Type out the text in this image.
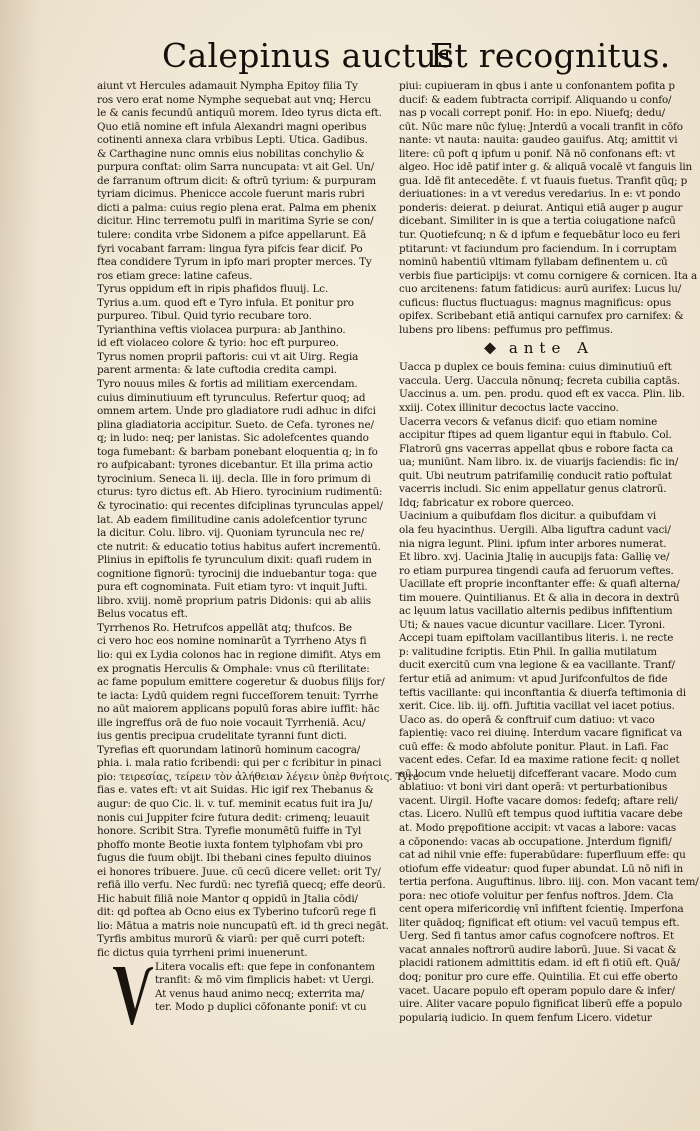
Calepinus auctus
Et recognitus.
aiunt vt Hercules adamauit Nympha Epitoy filia Ty
ros vero erat nome Nymphe sequebat aut vnq; Hercu
le & canis fecundū antiquū morem. Ideo tyrus dicta eft.
Quo etiā nomine eft infula Alexandri magni operibus
cotinenti annexa clara vrbibus Lepti. Utica. Gadibus.
& Carthagine nunc omnis eius nobilitas conchylio &
purpura conftat: olim Sarra nuncupata: vt ait Gel. Un/
de farranum oftrum dicit: & oftrū tyrium: & purpuram
tyriam dicimus. Phenicce accole fuerunt maris rubri
dicti a palma: cuius regio plena erat. Palma em phenix
dicitur. Hinc terremotu pulfi in maritima Syrie se con/
tulere: condita vrbe Sidonem a pifce appellarunt. Eā
fyri vocabant farram: lingua fyra pifcis fear dicif. Po
ftea condidere Tyrum in ipfo mari propter merces. Ty
ros etiam grece: latine cafeus.
Tyrus oppidum eft in ripis phafidos fluuij. Lc.
Tyrius a.um. quod eft e Tyro infula. Et ponitur pro
purpureo. Tibul. Quid tyrio recubare toro.
Tyrianthina veftis violacea purpura: ab Janthino.
id eft violaceo colore & tyrio: hoc eft purpureo.
Tyrus nomen proprii paftoris: cui vt ait Uirg. Regia
parent armenta: & late cuftodia credita campi.
Tyro nouus miles & fortis ad militiam exercendam.
cuius diminutiuum eft tyrunculus. Refertur quoq; ad
omnem artem. Unde pro gladiatore rudi adhuc in difci
plina gladiatoria accipitur. Sueto. de Cefa. tyrones ne/
q; in ludo: neq; per lanistas. Sic adolefcentes quando
toga fumebant: & barbam ponebant eloquentia q; in fo
ro aufpicabant: tyrones dicebantur. Et illa prima actio
tyrocinium. Seneca li. iij. decla. Ille in foro primum di
cturus: tyro dictus eft. Ab Hiero. tyrocinium rudimentū:
& tyrocinatio: qui recentes difciplinas tyrunculas appel/
lat. Ab eadem fimilitudine canis adolefcentior tyrunc
la dicitur. Colu. libro. vij. Quoniam tyruncula nec re/
cte nutrit: & educatio totius habitus aufert incrementū.
Plinius in epiftolis fe tyrunculum dixit: quafi rudem in
cognitione fignorū: tyrocinij die induebantur toga: que
pura eft cognominata. Fuit etiam tyro: vt inquit Jufti.
libro. xviij. nomē proprium patris Didonis: qui ab aliis
Belus vocatus eft.
Tyrrhenos Ro. Hetrufcos appellāt atq; thufcos. Be
ci vero hoc eos nomine nominarūt a Tyrrheno Atys fi
lio: qui ex Lydia colonos hac in regione dimifit. Atys em
ex prognatis Herculis & Omphale: vnus cū fterilitate:
ac fame populum emittere cogeretur & duobus filijs for/
te iacta: Lydū quidem regni fucceſſorem tenuit: Tyrrhe
no aūt maiorem applicans populū foras abire iuffit: hāc
ille ingreffus orā de fuo noie vocauit Tyrrheniā. Acu/
ius gentis precipua crudelitate tyranni funt dicti.
Tyrefias eft quorundam latinorū hominum cacogra/
phia. i. mala ratio fcribendi: qui per c fcribitur in pinaci
pio: τειρεσίας, τείρειν τὸν ἀλήθειαν λέγειν ὑπὲρ θνήτοις. Tyre
fias e. vates eft: vt ait Suidas. Hic igif rex Thebanus &
augur: de quo Cic. li. v. tuf. meminit ecatus fuit ira Ju/
nonis cui Juppiter fcire futura dedit: crimenq; leuauit
honore. Scribit Stra. Tyrefie monumētū fuiffe in Tyl
phoffo monte Beotie iuxta fontem tylphofam vbi pro
fugus die fuum obijt. Ibi thebani cines fepulto diuinos
ei honores tribuere. Juue. cū cecū dicere vellet: orit Ty/
refiā illo verfu. Nec furdū: nec tyrefiā quecq; effe deorū.
Hic habuit filiā noie Mantor q oppidū in Jtalia cōdi/
dit: qd poftea ab Ocno eius ex Tyberino tufcorū rege fi
lio: Mātua a matris noie nuncupatū eft. id th greci negāt.
Tyrfis ambitus murorū & viarū: per quē curri poteft:
fic dictus quia tyrrheni primi inuenerunt.
Litera vocalis eft: que fepe in confonantem
tranfit: & mō vim fimplicis habet: vt Uergi.
At venus haud animo necq; exterrita ma/
ter. Modo p duplici cōfonante ponif: vt cu
piui: cupiueram in qbus i ante u confonantem pofita p
ducif: & eadem fubtracta corripif. Aliquando u confo/
nas p vocali corrept ponif. Ho: in epo. Niuefq; dedu/
cūt. Nūc mare nūc fyluę: Jnterdū a vocali tranfit in cōfo
nante: vt nauta: nauita: gaudeo gauifus. Atq; amittit vi
litere: cū poft q ipfum u ponif. Nā nō confonans eft: vt
algeo. Hoc idē patif inter g. & aliquā vocalē vt fanguis lin
gua. Idē fit antecedēte. f. vt fuauis fuetus. Tranfit qūq; p
deriuationes: in a vt veredus veredarius. In e: vt pondo
ponderis: deierat. p deiurat. Antiqui etiā auger p augur
dicebant. Similiter in is que a tertia coiugatione nafcū
tur. Quotiefcunq; n & d ipfum e fequebātur loco eu feri
ptitarunt: vt faciundum pro faciendum. In i corruptam
nominū habentiū vltimam fyllabam definentem u. cū
verbis fiue participijs: vt comu cornigere & cornicen. Ita a
cuo arcitenens: fatum fatidicus: aurū aurifex: Lucus lu/
cuficus: fluctus fluctuagus: magnus magnificus: opus
opifex. Scribebant etiā antiqui carnufex pro carnifex: &
lubens pro libens: peffumus pro peffimus.
ante A
Uacca p duplex ce bouis femina: cuius diminutiuū eft
vaccula. Uerg. Uaccula nōnunq; fecreta cubilia captās.
Uaccinus a. um. pen. produ. quod eft ex vacca. Plin. lib.
xxiij. Cotex illinitur decoctus lacte vaccino.
Uacerra vecors & vefanus dicif: quo etiam nomine
accipitur ftipes ad quem ligantur equi in ftabulo. Col.
Flatrorū gns vacerras appellat qbus e robore facta ca
ua; muniūnt. Nam libro. ix. de viuarijs faciendis: fic in/
quit. Ubi neutrum patrifamilię conducit ratio poftulat
vacerris includi. Sic enim appellatur genus clatrorū.
Idq; fabricatur ex robore querceo.
Uacinium a quibufdam flos dicitur. a quibufdam vi
ola feu hyacinthus. Uergili. Alba liguftra cadunt vaci/
nia nigra legunt. Plini. ipfum inter arbores numerat.
Et libro. xvj. Uacinia Jtalię in aucupijs fata: Gallię ve/
ro etiam purpurea tingendi caufa ad feruorum veftes.
Uacillate eft proprie inconftanter effe: & quafi alterna/
tim mouere. Quintilianus. Et & alia in decora in dextrū
ac lęuum latus vacillatio alternis pedibus infiftentium
Uti; & naues vacue dicuntur vacillare. Licer. Tyroni.
Accepi tuam epiftolam vacillantibus literis. i. ne recte
p: valitudine fcriptis. Etin Phil. In gallia mutilatum
ducit exercitū cum vna legione & ea vacillante. Tranf/
fertur etiā ad animum: vt apud Jurifconfultos de fide
teftis vacillante: qui inconftantia & diuerfa teftimonia di
xerit. Cice. lib. iij. offi. Juftitia vacillat vel iacet potius.
Uaco as. do operā & conftruif cum datiuo: vt vaco
fapientię: vaco rei diuinę. Interdum vacare fignificat va
cuū effe: & modo abfolute ponitur. Plaut. in Lafi. Fac
vacent edes. Cefar. Id ea maxime ratione fecit: q nollet
eū locum vnde heluetij difcefferant vacare. Modo cum
ablatiuo: vt boni viri dant operā: vt perturbationibus
vacent. Uirgil. Hofte vacare domos: fedefq; aftare reli/
ctas. Licero. Nullū eft tempus quod iuftitia vacare debe
at. Modo prępofitione accipit: vt vacas a labore: vacas
a cōponendo: vacas ab occupatione. Jnterdum fignifi/
cat ad nihil vnie effe: fuperabūdare: fuperfluum effe: qu
otiofum effe videatur: quod fuper abundat. Lū nō nifi in
tertia perfona. Auguftinus. libro. iiij. con. Mon vacant tem/
pora: nec otiofe voluitur per fenfus noftros. Jdem. Cla
cent opera mifericordię vnī infiftent fcientię. Imperfona
liter quādoq; fignificat eft otium: vel vacuū tempus eft.
Uerg. Sed fi tantus amor cafus cognofcere noftros. Et
vacat annales noftrorū audire laborū. Juue. Si vacat &
placidi rationem admittitis edam. id eft fi otiū eft. Quā/
doq; ponitur pro cure effe. Quintilia. Et cui effe oberto
vacet. Uacare populo eft operam populo dare & infer/
uire. Aliter vacare populo fignificat liberū effe a populo
popularią iudicio. In quem fenfum Licero. videtur
